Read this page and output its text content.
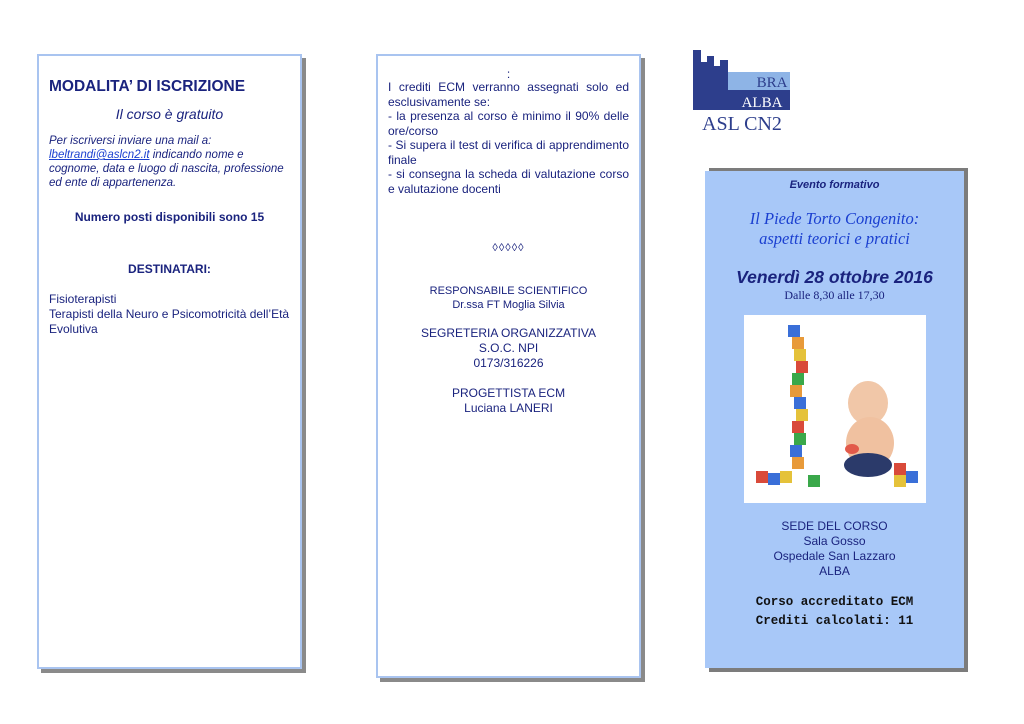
MODALITA’ DI ISCRIZIONE

Il corso è gratuito

Per iscriversi inviare una mail a:
lbeltrandi@aslcn2.it indicando nome e cognome, data e luogo di nascita, professione ed ente di appartenenza.

Numero posti disponibili sono 15

DESTINATARI:

Fisioterapisti
Terapisti della Neuro e Psicomotricità dell’Età Evolutiva
:
I crediti ECM verranno assegnati solo ed esclusivamente se:
- la presenza al corso è minimo il 90% delle ore/corso
- Si supera il test di verifica di apprendimento finale
- si consegna la scheda di valutazione corso e valutazione docenti
◊◊◊◊◊
RESPONSABILE SCIENTIFICO
Dr.ssa FT Moglia Silvia
SEGRETERIA ORGANIZZATIVA
S.O.C. NPI
0173/316226
PROGETTISTA ECM
Luciana LANERI
BRA
ALBA
ASL CN2

Evento formativo

Il Piede Torto Congenito:
aspetti teorici e pratici
Venerdì 28 ottobre 2016
Dalle 8,30 alle 17,30
SEDE DEL CORSO
Sala Gosso
Ospedale San Lazzaro
ALBA
Corso accreditato ECM
Crediti calcolati: 11
